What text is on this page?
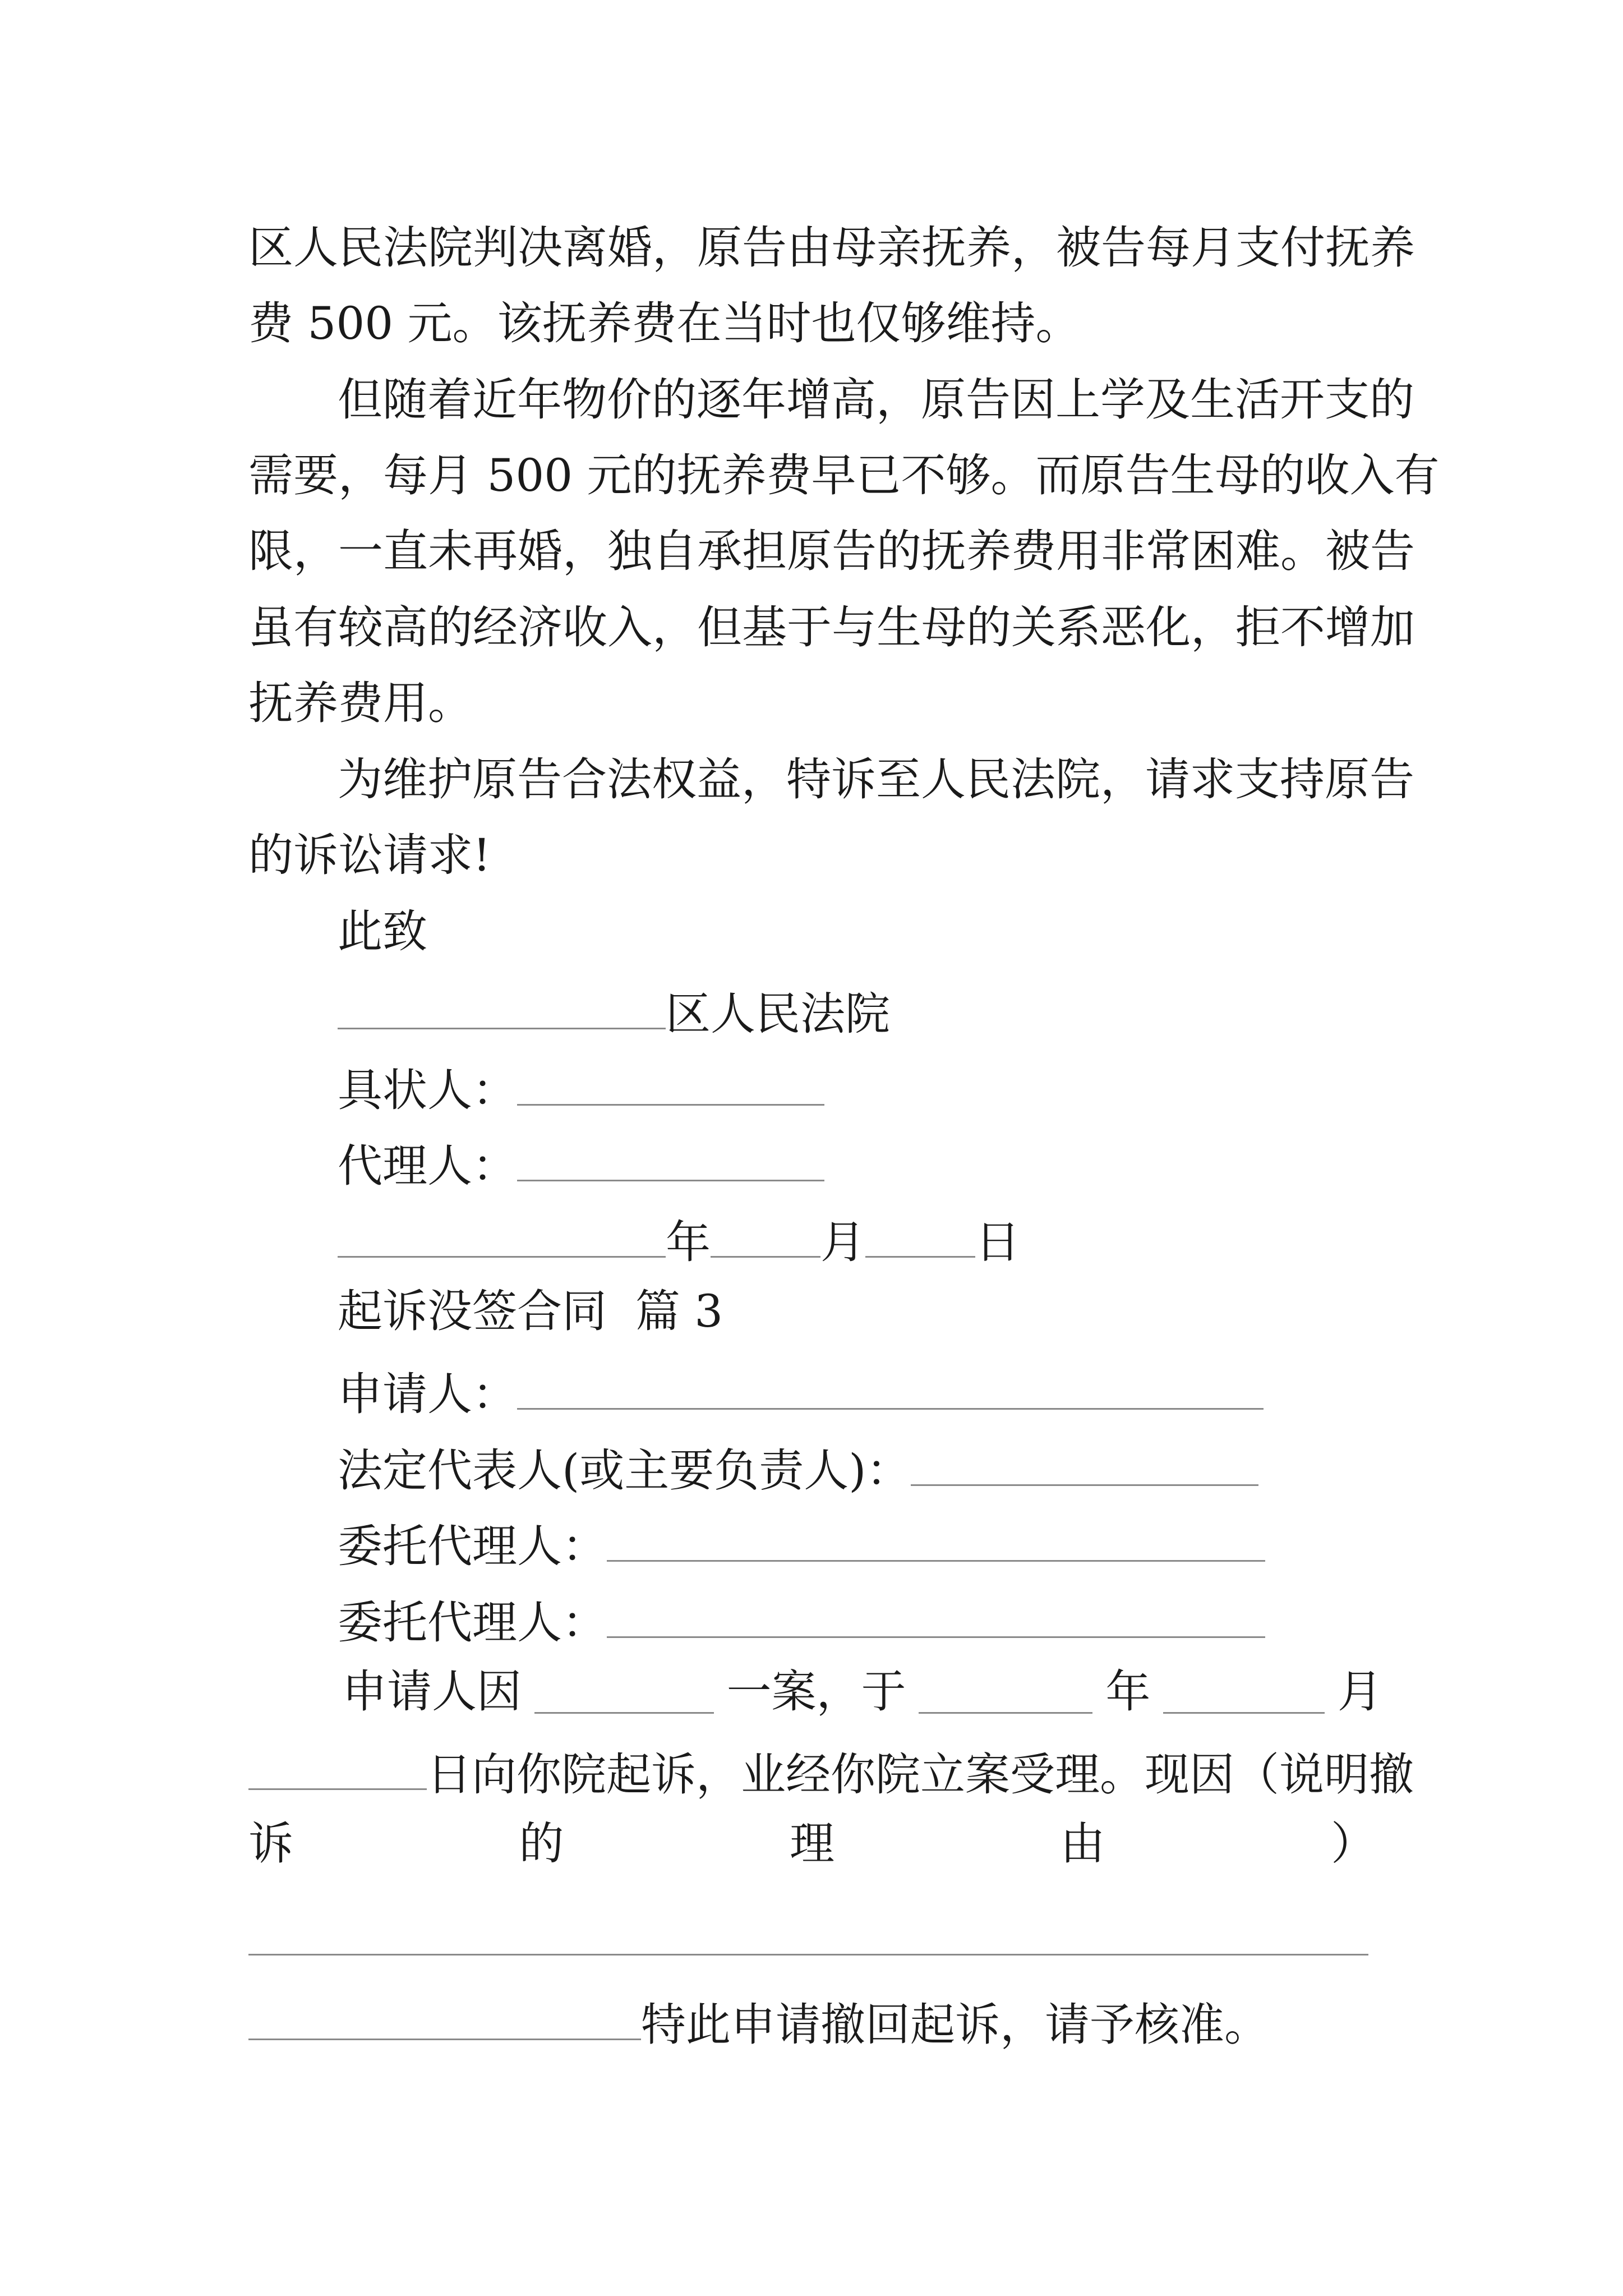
区人民法院判决离婚，原告由母亲抚养，被告每月支付抚养
费 500 元。该抚养费在当时也仅够维持。
但随着近年物价的逐年增高，原告因上学及生活开支的
需要，每月 500 元的抚养费早已不够。而原告生母的收入有
限，一直未再婚，独自承担原告的抚养费用非常困难。被告
虽有较高的经济收入，但基于与生母的关系恶化，拒不增加
抚养费用。
为维护原告合法权益，特诉至人民法院，请求支持原告
的诉讼请求!
此致
区人民法院
具状人：
代理人：
年 月 日
起诉没签合同  篇 3
申请人：
法定代表人(或主要负责人)：
委托代理人：
委托代理人：
申请人因	一案，于	年	月
日向你院起诉，业经你院立案受理。现因（说明撤
诉	的	理	由	）
特此申请撤回起诉，请予核准。
